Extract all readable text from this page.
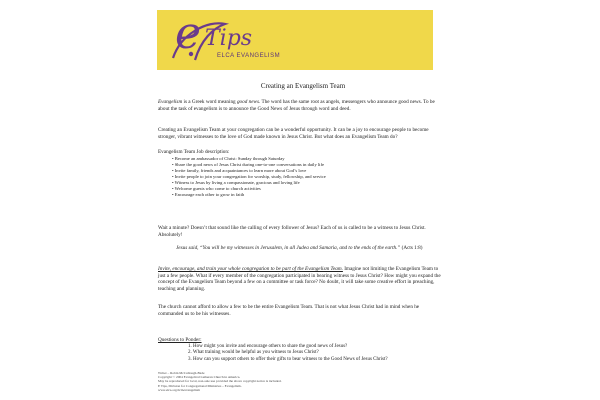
e Tips
ELCA EVANGELISM
Creating an Evangelism Team

Evangelism is a Greek word meaning good news. The word has the same root as angels, messengers who announce good news. To be about the task of evangelism is to announce the Good News of Jesus through word and deed.

Creating an Evangelism Team at your congregation can be a wonderful opportunity. It can be a joy to encourage people to become stronger, vibrant witnesses to the love of God made known in Jesus Christ. But what does an Evangelism Team do?

Evangelism Team Job description:

• Become an ambassador of Christ: Sunday through Saturday
• Share the good news of Jesus Christ during one-to-one conversations in daily life
• Invite family, friends and acquaintances to learn more about God’s love
• Invite people to join your congregation for worship, study, fellowship, and service
• Witness to Jesus by living a compassionate, gracious and loving life
• Welcome guests who come to church activities
• Encourage each other to grow in faith

Wait a minute? Doesn’t that sound like the calling of every follower of Jesus? Each of us is called to be a witness to Jesus Christ. Absolutely!

Jesus said, “You will be my witnesses in Jerusalem, in all Judea and Samaria, and to the ends of the earth.” (Acts 1:8)

Invite, encourage, and train your whole congregation to be part of the Evangelism Team. Imagine not limiting the Evangelism Team to just a few people. What if every member of the congregation participated in bearing witness to Jesus Christ? How might you expand the concept of the Evangelism Team beyond a few on a committee or task force? No doubt, it will take some creative effort in preaching, teaching and planning.

The church cannot afford to allow a few to be the entire Evangelism Team. That is not what Jesus Christ had in mind when he commanded us to be his witnesses.

Questions to Ponder:
1. How might you invite and encourage others to share the good news of Jesus?
2. What training would be helpful as you witness to Jesus Christ?
3. How can you support others to offer their gifts to bear witness to the Good News of Jesus Christ?
Writer – Robin McCullough-Bade
Copyright © 2004 Evangelical Lutheran Church in America.
May be reproduced for local, non-sale use provided the above copyright notice is included.
E Tips, Division for Congregational Ministries – Evangelism.
www.elca.org/dcm/evangelism
